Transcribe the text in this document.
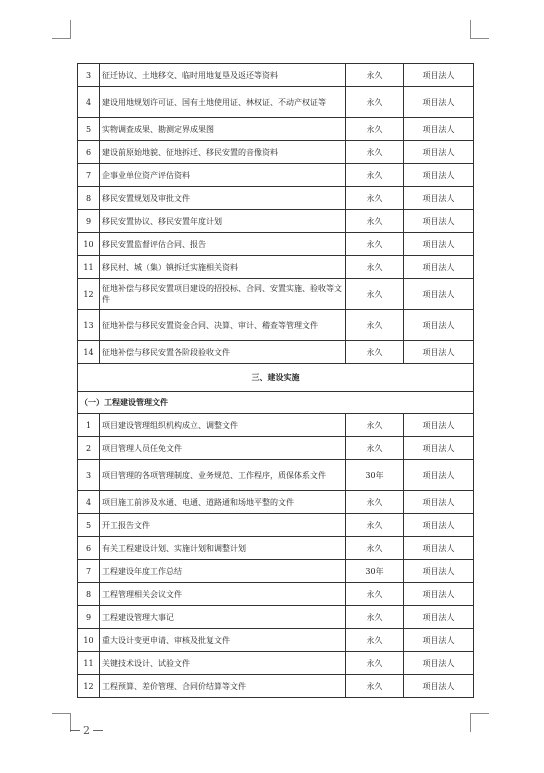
3	征迁协议、土地移交、临时用地复垦及返还等资料	永久	项目法人
4	建设用地规划许可证、国有土地使用证、林权证、不动产权证等	永久	项目法人
5	实物调查成果、勘测定界成果图	永久	项目法人
6	建设前原始地貌、征地拆迁、移民安置的音像资料	永久	项目法人
7	企事业单位资产评估资料	永久	项目法人
8	移民安置规划及审批文件	永久	项目法人
9	移民安置协议、移民安置年度计划	永久	项目法人
10	移民安置监督评估合同、报告	永久	项目法人
11	移民村、城（集）镇拆迁实施相关资料	永久	项目法人
12	征地补偿与移民安置项目建设的招投标、合同、安置实施、验收等文件	永久	项目法人
13	征地补偿与移民安置资金合同、决算、审计、稽查等管理文件	永久	项目法人
14	征地补偿与移民安置各阶段验收文件	永久	项目法人
三、建设实施			
（一）工程建设管理文件			
1	项目建设管理组织机构成立、调整文件	永久	项目法人
2	项目管理人员任免文件	永久	项目法人
3	项目管理的各项管理制度、业务规范、工作程序，质保体系文件	30年	项目法人
4	项目施工前涉及水通、电通、道路通和场地平整的文件	永久	项目法人
5	开工报告文件	永久	项目法人
6	有关工程建设计划、实施计划和调整计划	永久	项目法人
7	工程建设年度工作总结	30年	项目法人
8	工程管理相关会议文件	永久	项目法人
9	工程建设管理大事记	永久	项目法人
10	重大设计变更申请、审核及批复文件	永久	项目法人
11	关键技术设计、试验文件	永久	项目法人
12	工程预算、差价管理、合同价结算等文件	永久	项目法人
2
